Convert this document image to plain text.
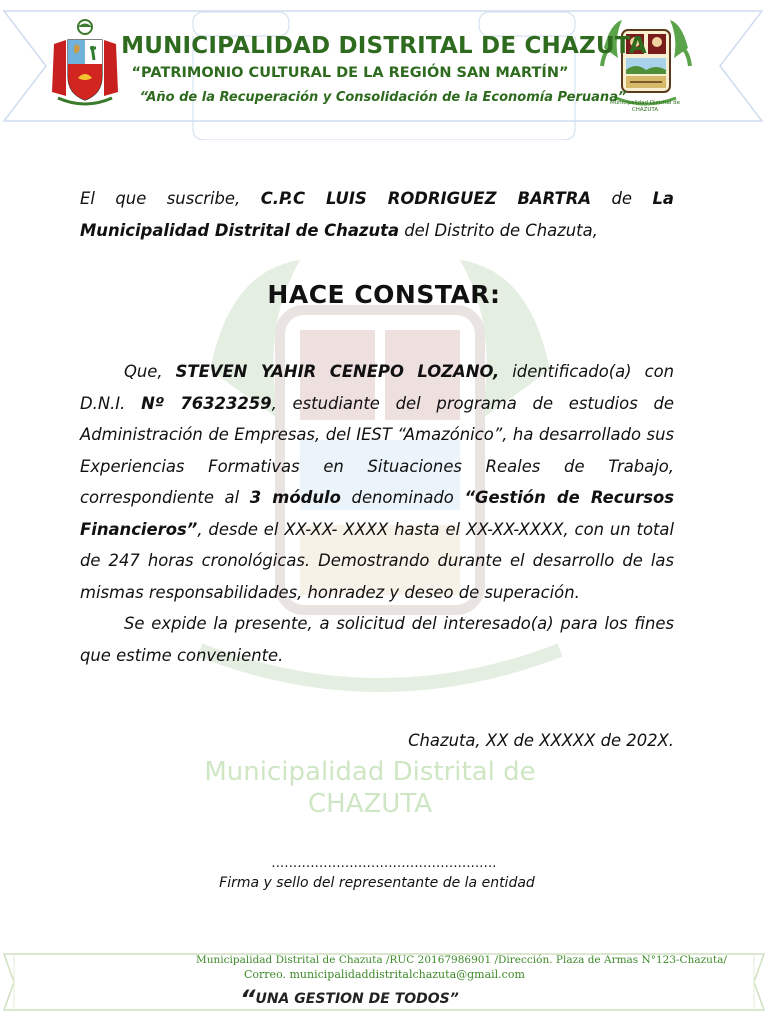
Municipalidad Distrital de CHAZUTA
MUNICIPALIDAD DISTRITAL DE CHAZUTA
“PATRIMONIO CULTURAL DE LA REGIÓN SAN MARTÍN”
“Año de la Recuperación y Consolidación de la Economía Peruana”
Municipalidad Distrital de
CHAZUTA

El que suscribe, C.P.C LUIS RODRIGUEZ BARTRA de La Municipalidad Distrital de Chazuta del Distrito de Chazuta,

HACE CONSTAR:

Que, STEVEN YAHIR CENEPO LOZANO, identificado(a) con D.N.I. Nº 76323259, estudiante del programa de estudios de Administración de Empresas, del IEST “Amazónico”, ha desarrollado sus Experiencias Formativas en Situaciones Reales de Trabajo, correspondiente al 3 módulo denominado “Gestión de Recursos Financieros”, desde el XX-XX- XXXX hasta el XX-XX-XXXX, con un total de 247 horas cronológicas. Demostrando durante el desarrollo de las mismas responsabilidades, honradez y deseo de superación.

Se expide la presente, a solicitud del interesado(a) para los fines que estime conveniente.

Chazuta, XX de XXXXX de 202X.
....................................................
Firma y sello del representante de la entidad
Municipalidad Distrital de Chazuta /RUC 20167986901 /Dirección. Plaza de Armas N°123-Chazuta/
Correo. municipalidaddistritalchazuta@gmail.com
“UNA GESTION DE TODOS”
